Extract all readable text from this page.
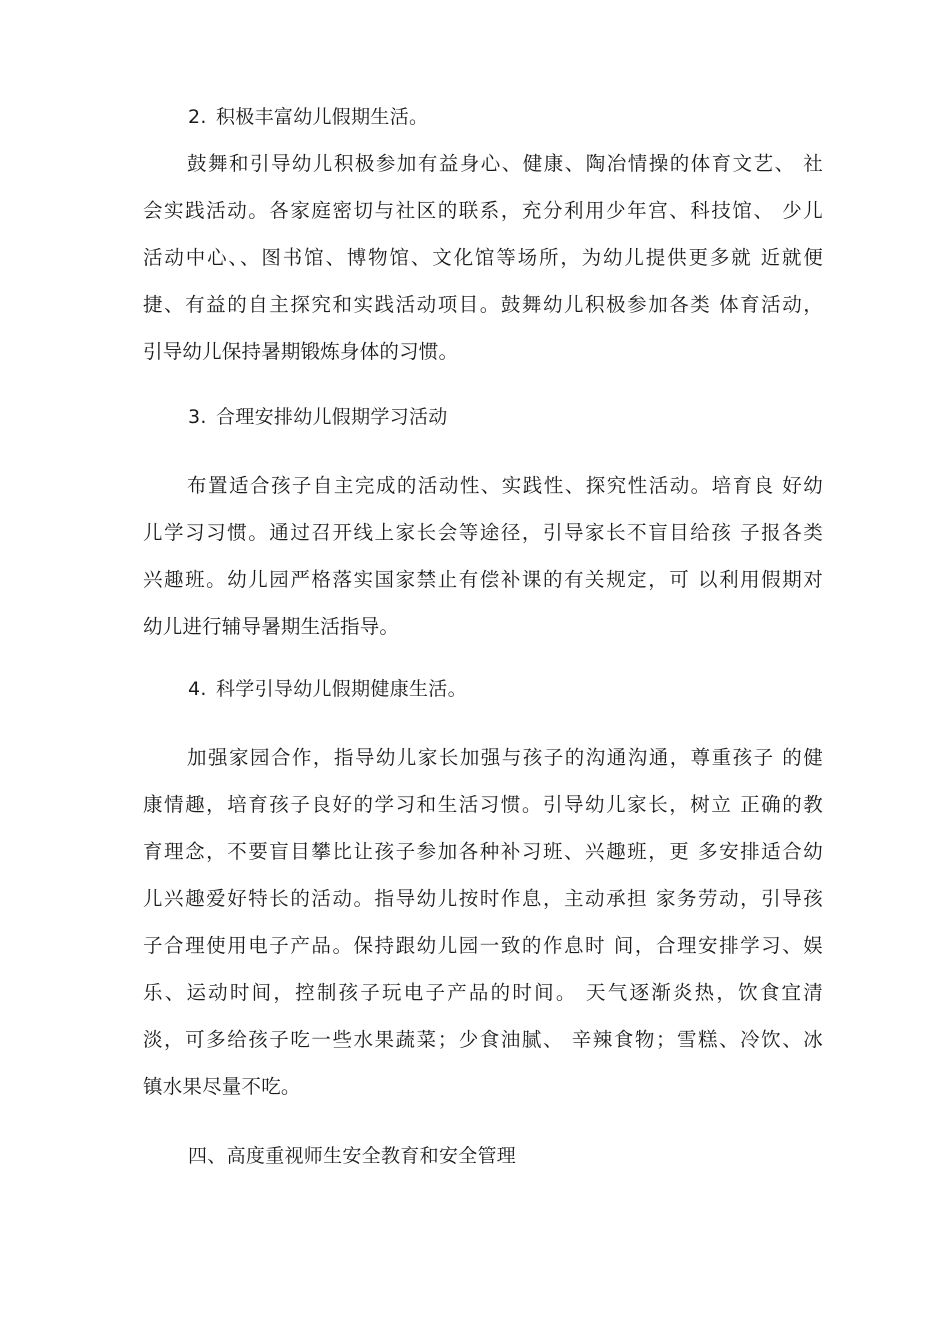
2. 积极丰富幼儿假期生活。
鼓舞和引导幼儿积极参加有益身心、健康、陶冶情操的体育文艺、 社
会实践活动。各家庭密切与社区的联系，充分利用少年宫、科技馆、 少儿
活动中心、、图书馆、博物馆、文化馆等场所，为幼儿提供更多就 近就便
捷、有益的自主探究和实践活动项目。鼓舞幼儿积极参加各类 体育活动，
引导幼儿保持暑期锻炼身体的习惯。
3. 合理安排幼儿假期学习活动
布置适合孩子自主完成的活动性、实践性、探究性活动。培育良 好幼
儿学习习惯。通过召开线上家长会等途径，引导家长不盲目给孩 子报各类
兴趣班。幼儿园严格落实国家禁止有偿补课的有关规定，可 以利用假期对
幼儿进行辅导暑期生活指导。
4. 科学引导幼儿假期健康生活。
加强家园合作，指导幼儿家长加强与孩子的沟通沟通，尊重孩子 的健
康情趣，培育孩子良好的学习和生活习惯。引导幼儿家长，树立 正确的教
育理念，不要盲目攀比让孩子参加各种补习班、兴趣班，更 多安排适合幼
儿兴趣爱好特长的活动。指导幼儿按时作息，主动承担 家务劳动，引导孩
子合理使用电子产品。保持跟幼儿园一致的作息时 间，合理安排学习、娱
乐、运动时间，控制孩子玩电子产品的时间。 天气逐渐炎热，饮食宜清
淡，可多给孩子吃一些水果蔬菜；少食油腻、 辛辣食物；雪糕、冷饮、冰
镇水果尽量不吃。
四、高度重视师生安全教育和安全管理
